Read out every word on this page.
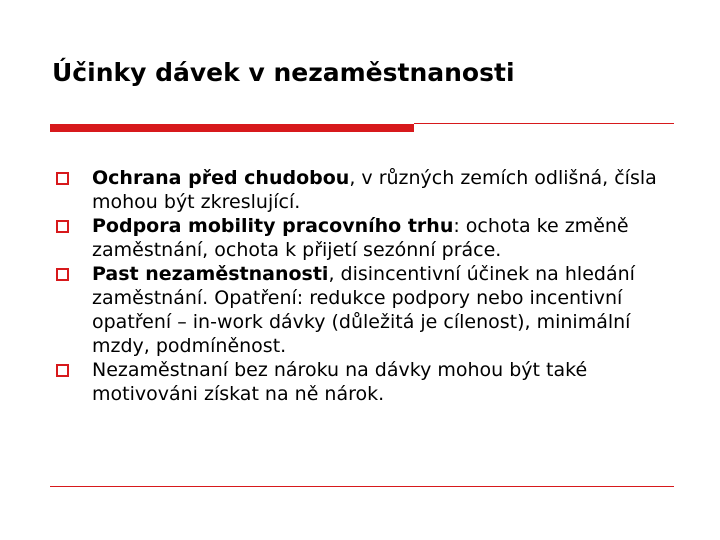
Účinky dávek v nezaměstnanosti
Ochrana před chudobou, v různých zemích odlišná, čísla mohou být zkreslující.
Podpora mobility pracovního trhu: ochota ke změně zaměstnání, ochota k přijetí sezónní práce.
Past nezaměstnanosti, disincentivní účinek na hledání zaměstnání. Opatření: redukce podpory nebo incentivní opatření – in-work dávky (důležitá je cílenost), minimální mzdy, podmíněnost.
Nezaměstnaní bez nároku na dávky mohou být také motivováni získat na ně nárok.
